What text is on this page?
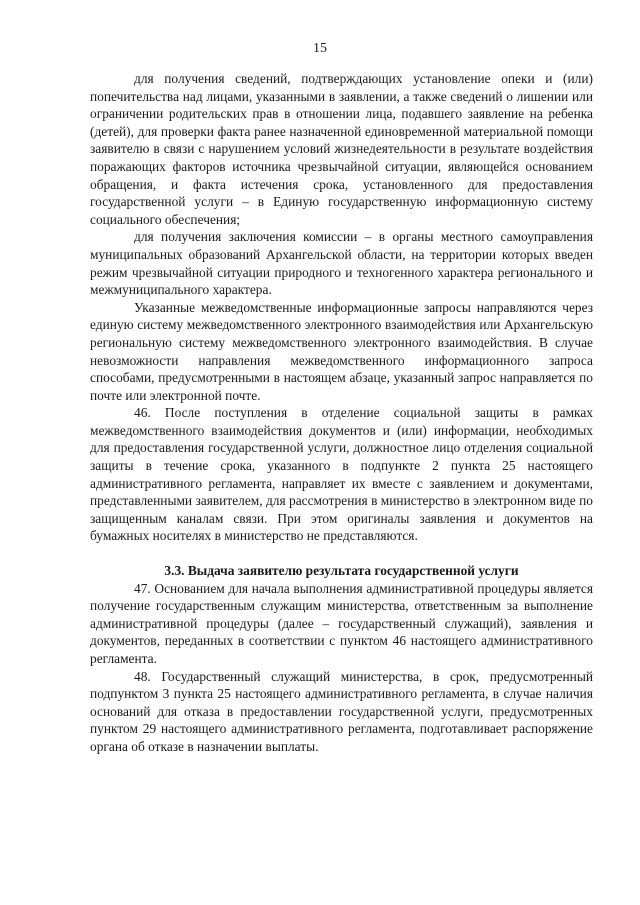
15

для получения сведений, подтверждающих установление опеки и (или) попечительства над лицами, указанными в заявлении, а также сведений о лишении или ограничении родительских прав в отношении лица, подавшего заявление на ребенка (детей), для проверки факта ранее назначенной единовременной материальной помощи заявителю в связи с нарушением условий жизнедеятельности в результате воздействия поражающих факторов источника чрезвычайной ситуации, являющейся основанием обращения, и факта истечения срока, установленного для предоставления государственной услуги – в Единую государственную информационную систему социального обеспечения;

для получения заключения комиссии – в органы местного самоуправления муниципальных образований Архангельской области, на территории которых введен режим чрезвычайной ситуации природного и техногенного характера регионального и межмуниципального характера.

Указанные межведомственные информационные запросы направляются через единую систему межведомственного электронного взаимодействия или Архангельскую региональную систему межведомственного электронного взаимодействия. В случае невозможности направления межведомственного информационного запроса способами, предусмотренными в настоящем абзаце, указанный запрос направляется по почте или электронной почте.

46. После поступления в отделение социальной защиты в рамках межведомственного взаимодействия документов и (или) информации, необходимых для предоставления государственной услуги, должностное лицо отделения социальной защиты в течение срока, указанного в подпункте 2 пункта 25 настоящего административного регламента, направляет их вместе с заявлением и документами, представленными заявителем, для рассмотрения в министерство в электронном виде по защищенным каналам связи. При этом оригиналы заявления и документов на бумажных носителях в министерство не представляются.

3.3. Выдача заявителю результата государственной услуги

47. Основанием для начала выполнения административной процедуры является получение государственным служащим министерства, ответственным за выполнение административной процедуры (далее – государственный служащий), заявления и документов, переданных в соответствии с пунктом 46 настоящего административного регламента.

48. Государственный служащий министерства, в срок, предусмотренный подпунктом 3 пункта 25 настоящего административного регламента, в случае наличия оснований для отказа в предоставлении государственной услуги, предусмотренных пунктом 29 настоящего административного регламента, подготавливает распоряжение органа об отказе в назначении выплаты.
